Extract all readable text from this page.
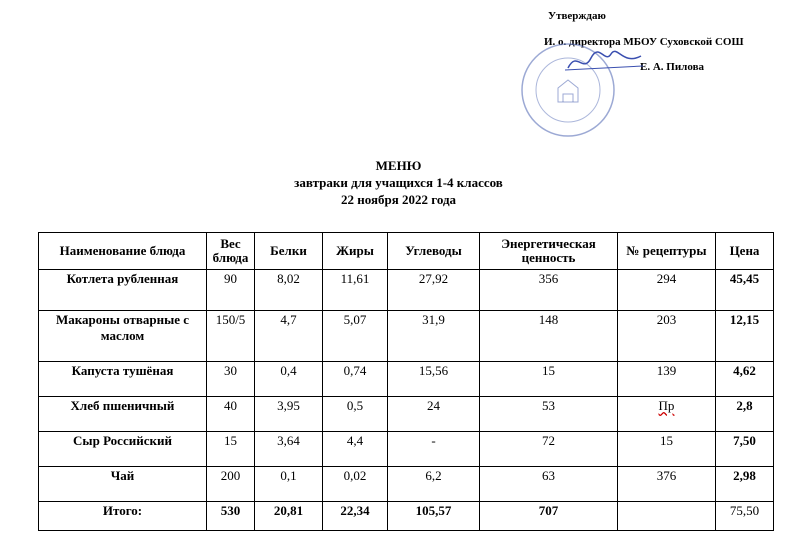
Утверждаю
И. о. директора МБОУ Суховской СОШ
Е. А. Пилова
МЕНЮ
завтраки для учащихся 1-4 классов
22 ноября 2022 года
Наименование блюда	Вес блюда	Белки	Жиры	Углеводы	Энергетическая ценность	№ рецептуры	Цена
Котлета рубленная	90	8,02	11,61	27,92	356	294	45,45
Макароны отварные с маслом	150/5	4,7	5,07	31,9	148	203	12,15
Капуста тушёная	30	0,4	0,74	15,56	15	139	4,62
Хлеб пшеничный	40	3,95	0,5	24	53	Пр	2,8
Сыр Российский	15	3,64	4,4	-	72	15	7,50
Чай	200	0,1	0,02	6,2	63	376	2,98
Итого:	530	20,81	22,34	105,57	707		75,50
